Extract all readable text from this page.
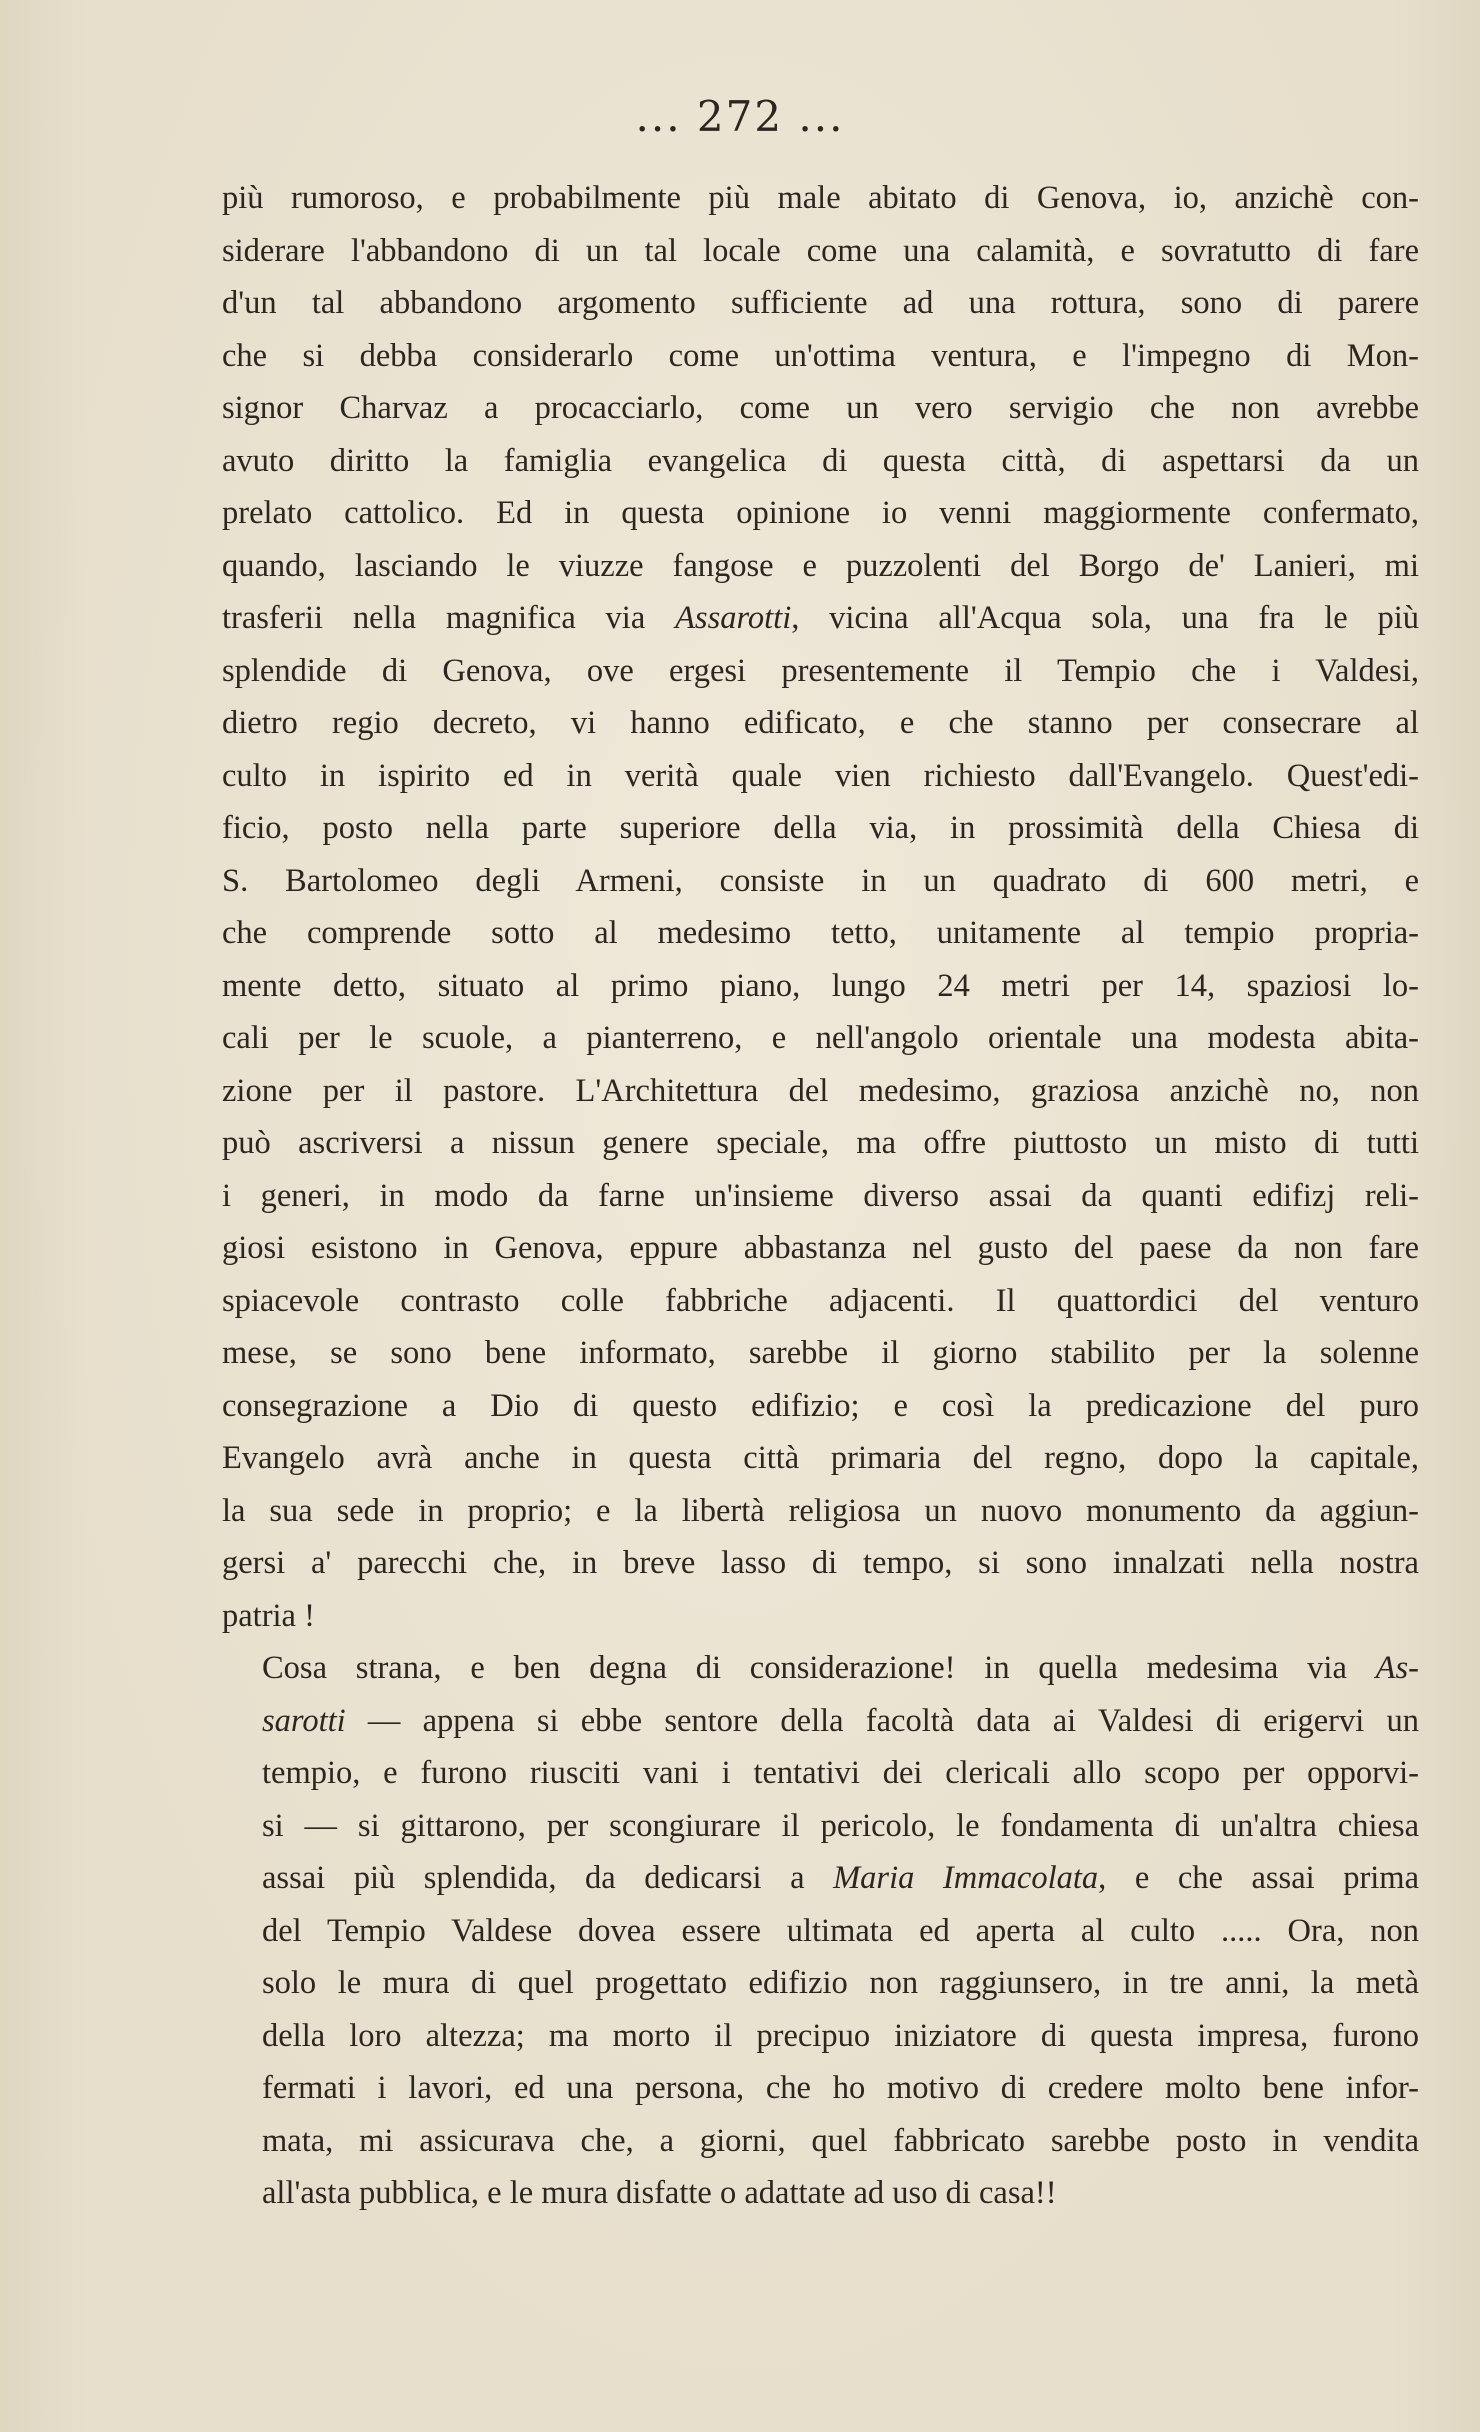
... 272 ...
più rumoroso, e probabilmente più male abitato di Genova, io, anzichè con-
siderare l'abbandono di un tal locale come una calamità, e sovratutto di fare
d'un tal abbandono argomento sufficiente ad una rottura, sono di parere
che si debba considerarlo come un'ottima ventura, e l'impegno di Mon-
signor Charvaz a procacciarlo, come un vero servigio che non avrebbe
avuto diritto la famiglia evangelica di questa città, di aspettarsi da un
prelato cattolico. Ed in questa opinione io venni maggiormente confermato,
quando, lasciando le viuzze fangose e puzzolenti del Borgo de' Lanieri, mi
trasferii nella magnifica via Assarotti, vicina all'Acqua sola, una fra le più
splendide di Genova, ove ergesi presentemente il Tempio che i Valdesi,
dietro regio decreto, vi hanno edificato, e che stanno per consecrare al
culto in ispirito ed in verità quale vien richiesto dall'Evangelo. Quest'edi-
ficio, posto nella parte superiore della via, in prossimità della Chiesa di
S. Bartolomeo degli Armeni, consiste in un quadrato di 600 metri, e
che comprende sotto al medesimo tetto, unitamente al tempio propria-
mente detto, situato al primo piano, lungo 24 metri per 14, spaziosi lo-
cali per le scuole, a pianterreno, e nell'angolo orientale una modesta abita-
zione per il pastore. L'Architettura del medesimo, graziosa anzichè no, non
può ascriversi a nissun genere speciale, ma offre piuttosto un misto di tutti
i generi, in modo da farne un'insieme diverso assai da quanti edifizj reli-
giosi esistono in Genova, eppure abbastanza nel gusto del paese da non fare
spiacevole contrasto colle fabbriche adjacenti. Il quattordici del venturo
mese, se sono bene informato, sarebbe il giorno stabilito per la solenne
consegrazione a Dio di questo edifizio; e così la predicazione del puro
Evangelo avrà anche in questa città primaria del regno, dopo la capitale,
la sua sede in proprio; e la libertà religiosa un nuovo monumento da aggiun-
gersi a' parecchi che, in breve lasso di tempo, si sono innalzati nella nostra
patria !
Cosa strana, e ben degna di considerazione! in quella medesima via As-
sarotti — appena si ebbe sentore della facoltà data ai Valdesi di erigervi un
tempio, e furono riusciti vani i tentativi dei clericali allo scopo per opporvi-
si — si gittarono, per scongiurare il pericolo, le fondamenta di un'altra chiesa
assai più splendida, da dedicarsi a Maria Immacolata, e che assai prima
del Tempio Valdese dovea essere ultimata ed aperta al culto ..... Ora, non
solo le mura di quel progettato edifizio non raggiunsero, in tre anni, la metà
della loro altezza; ma morto il precipuo iniziatore di questa impresa, furono
fermati i lavori, ed una persona, che ho motivo di credere molto bene infor-
mata, mi assicurava che, a giorni, quel fabbricato sarebbe posto in vendita
all'asta pubblica, e le mura disfatte o adattate ad uso di casa!!
